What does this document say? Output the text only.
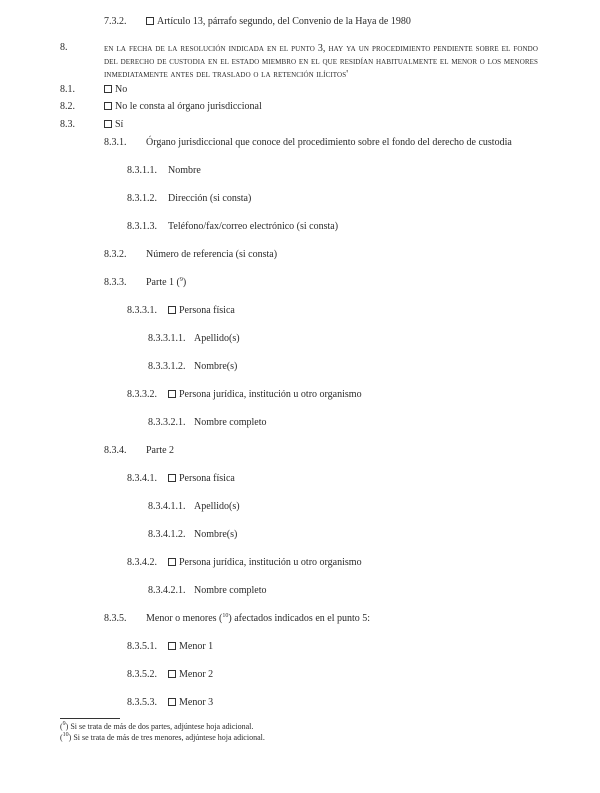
7.3.2.	Artículo 13, párrafo segundo, del Convenio de la Haya de 1980
8.	en la fecha de la resolución indicada en el punto 3, hay ya un procedimiento pendiente sobre el fondo del derecho de custodia en el estado miembro en el que residían habitualmente el menor o los menores inmediatamente antes del traslado o la retención ilícitos'
8.1.	No
8.2.	No le consta al órgano jurisdiccional
8.3.	Sí
8.3.1. Órgano jurisdiccional que conoce del procedimiento sobre el fondo del derecho de custodia
8.3.1.1. Nombre
8.3.1.2. Dirección (si consta)
8.3.1.3. Teléfono/fax/correo electrónico (si consta)
8.3.2. Número de referencia (si consta)
8.3.3. Parte 1 ($^9$)
8.3.3.1.	Persona física
8.3.3.1.1. Apellido(s)
8.3.3.1.2. Nombre(s)
8.3.3.2.	Persona jurídica, institución u otro organismo
8.3.3.2.1. Nombre completo
8.3.4. Parte 2
8.3.4.1.	Persona física
8.3.4.1.1. Apellido(s)
8.3.4.1.2. Nombre(s)
8.3.4.2.	Persona jurídica, institución u otro organismo
8.3.4.2.1. Nombre completo
8.3.5. Menor o menores ($^{10}$) afectados indicados en el punto 5:
8.3.5.1.	Menor 1
8.3.5.2.	Menor 2
8.3.5.3.	Menor 3
($^9$) Si se trata de más de dos partes, adjúntese hoja adicional.
($^{10}$) Si se trata de más de tres menores, adjúntese hoja adicional.
